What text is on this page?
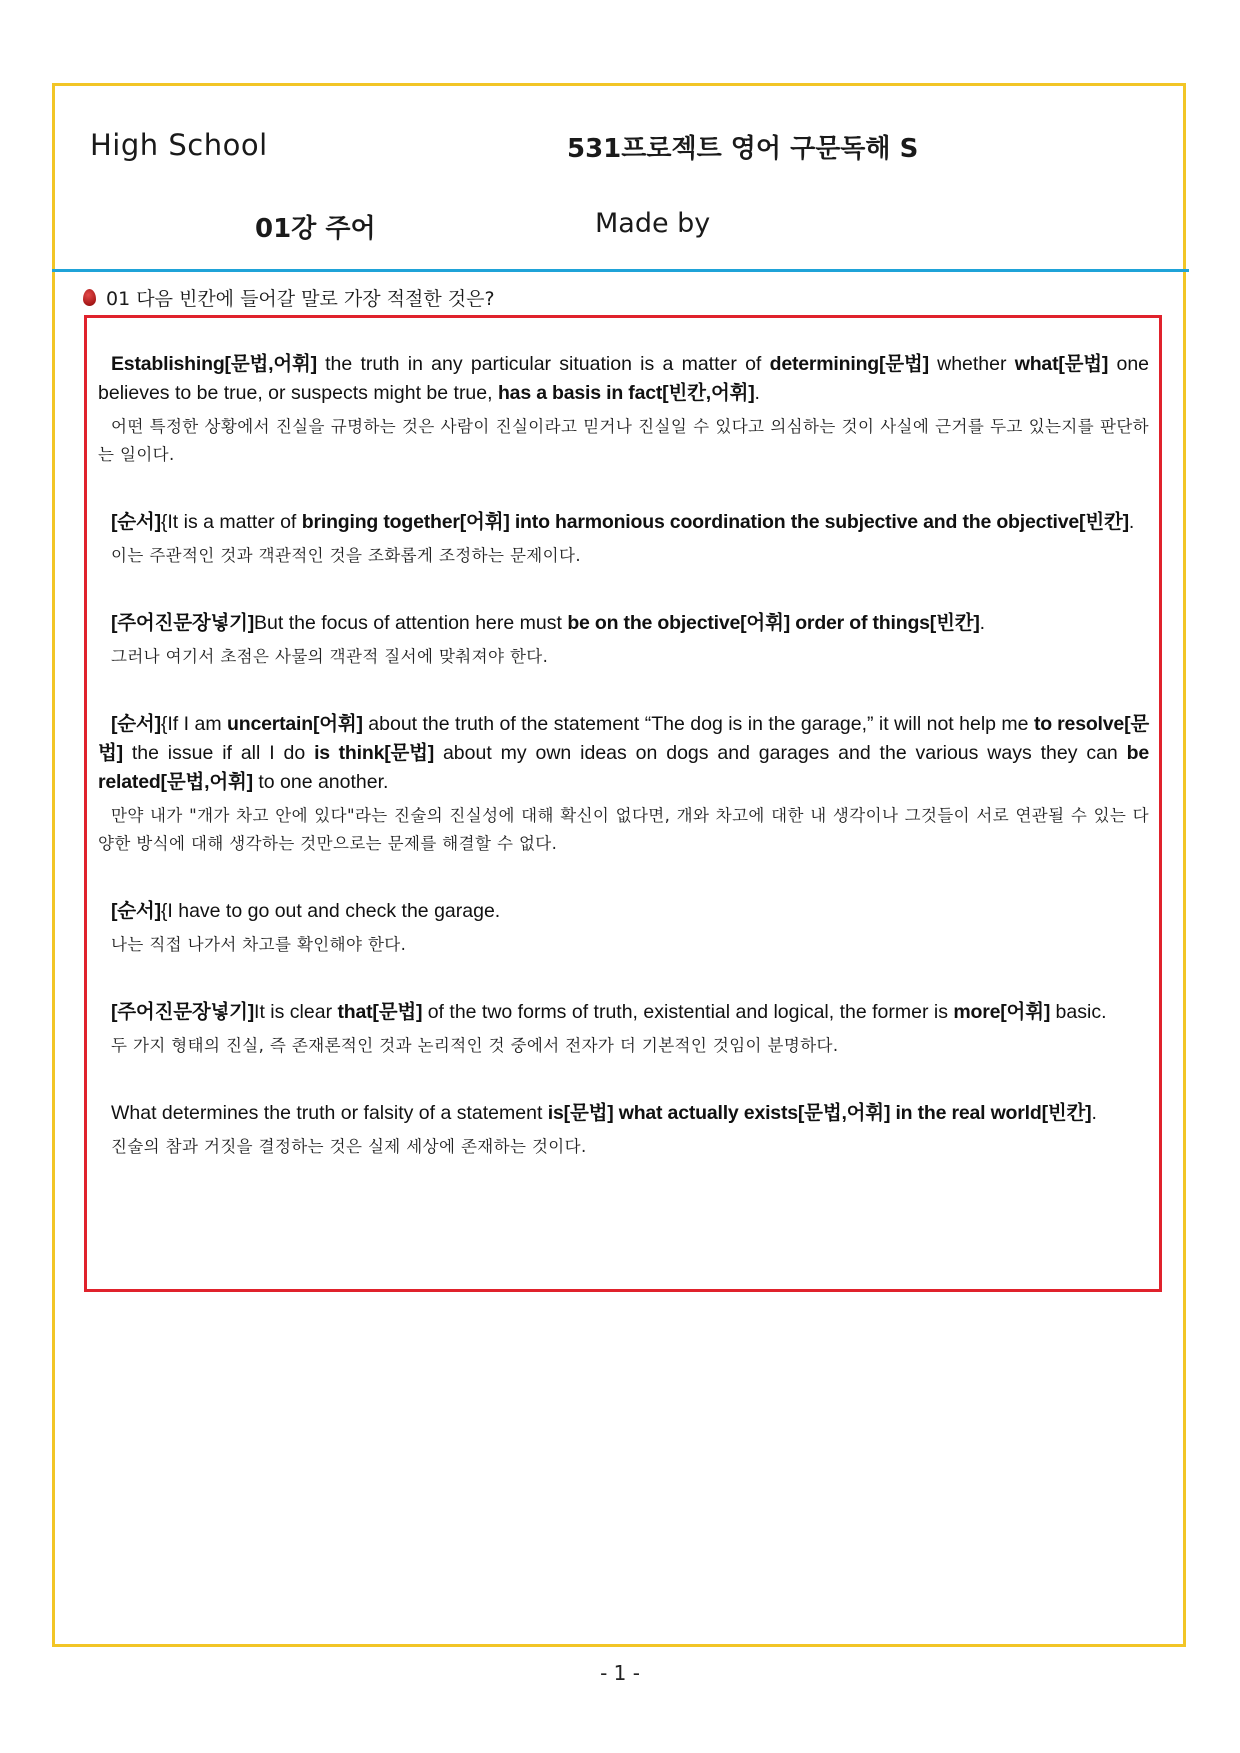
High School	531프로젝트 영어 구문독해 S
01강 주어	Made by
01 다음 빈칸에 들어갈 말로 가장 적절한 것은?

Establishing[문법,어휘] the truth in any particular situation is a matter of determining[문법] whether what[문법] one believes to be true, or suspects might be true, has a basis in fact[빈칸,어휘].

어떤 특정한 상황에서 진실을 규명하는 것은 사람이 진실이라고 믿거나 진실일 수 있다고 의심하는 것이 사실에 근거를 두고 있는지를 판단하는 일이다.

[순서]{It is a matter of bringing together[어휘] into harmonious coordination the subjective and the objective[빈칸].

이는 주관적인 것과 객관적인 것을 조화롭게 조정하는 문제이다.

[주어진문장넣기]But the focus of attention here must be on the objective[어휘] order of things[빈칸].

그러나 여기서 초점은 사물의 객관적 질서에 맞춰져야 한다.

[순서]{If I am uncertain[어휘] about the truth of the statement “The dog is in the garage,” it will not help me to resolve[문법] the issue if all I do is think[문법] about my own ideas on dogs and garages and the various ways they can be related[문법,어휘] to one another.

만약 내가 "개가 차고 안에 있다"라는 진술의 진실성에 대해 확신이 없다면, 개와 차고에 대한 내 생각이나 그것들이 서로 연관될 수 있는 다양한 방식에 대해 생각하는 것만으로는 문제를 해결할 수 없다.

[순서]{I have to go out and check the garage.

나는 직접 나가서 차고를 확인해야 한다.

[주어진문장넣기]It is clear that[문법] of the two forms of truth, existential and logical, the former is more[어휘] basic.

두 가지 형태의 진실, 즉 존재론적인 것과 논리적인 것 중에서 전자가 더 기본적인 것임이 분명하다.

What determines the truth or falsity of a statement is[문법] what actually exists[문법,어휘] in the real world[빈칸].

진술의 참과 거짓을 결정하는 것은 실제 세상에 존재하는 것이다.

- 1 -
